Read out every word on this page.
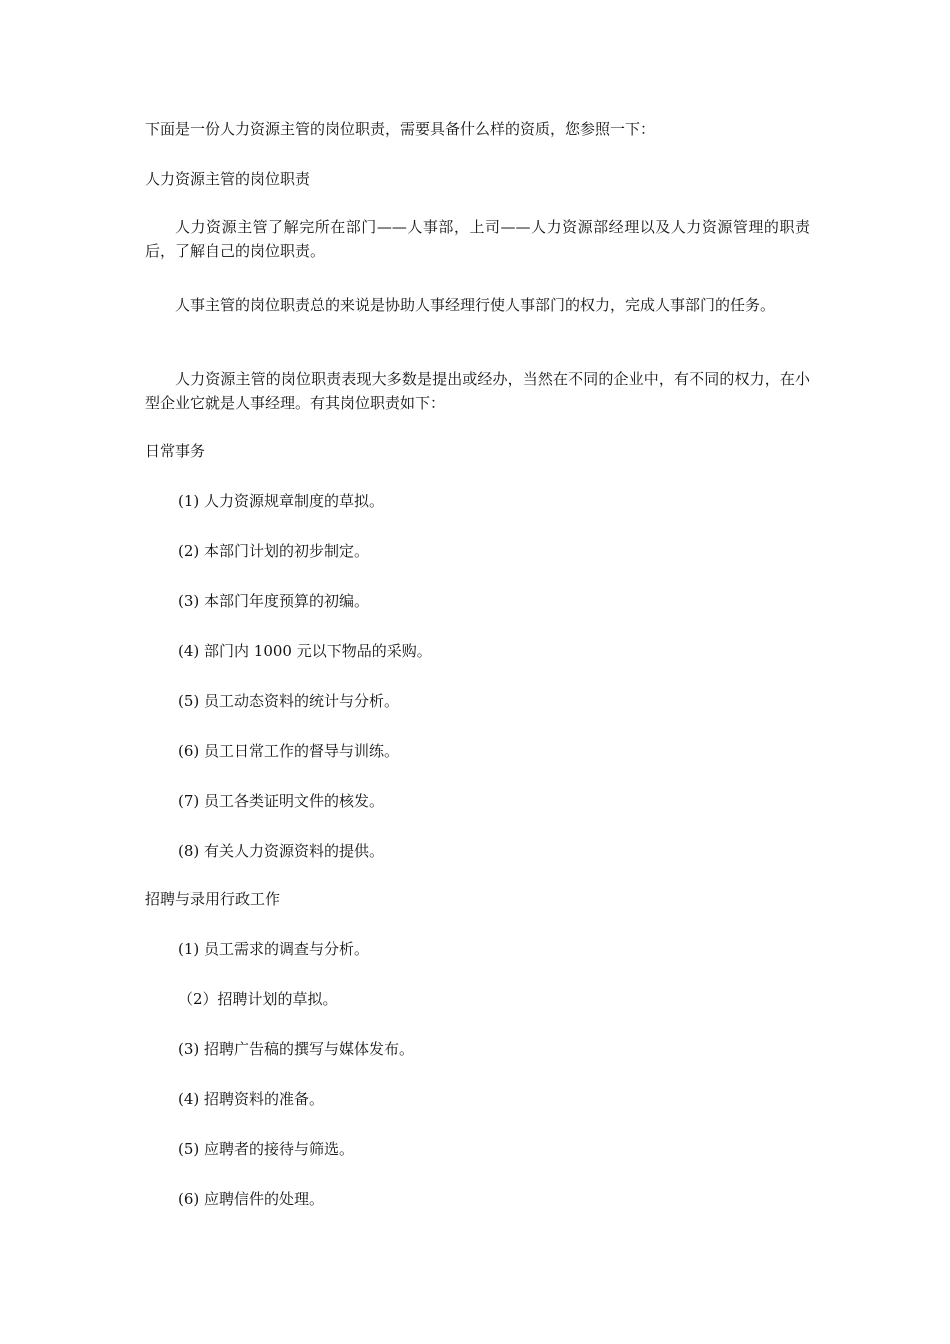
下面是一份人力资源主管的岗位职责，需要具备什么样的资质，您参照一下：

人力资源主管的岗位职责

人力资源主管了解完所在部门——人事部，上司——人力资源部经理以及人力资源管理的职责后，了解自己的岗位职责。

人事主管的岗位职责总的来说是协助人事经理行使人事部门的权力，完成人事部门的任务。

人力资源主管的岗位职责表现大多数是提出或经办，当然在不同的企业中，有不同的权力，在小型企业它就是人事经理。有其岗位职责如下：

日常事务

(1) 人力资源规章制度的草拟。

(2) 本部门计划的初步制定。

(3) 本部门年度预算的初编。

(4) 部门内 1000 元以下物品的采购。

(5) 员工动态资料的统计与分析。

(6) 员工日常工作的督导与训练。

(7) 员工各类证明文件的核发。

(8) 有关人力资源资料的提供。

招聘与录用行政工作

(1) 员工需求的调查与分析。

（2）招聘计划的草拟。

(3) 招聘广告稿的撰写与媒体发布。

(4) 招聘资料的准备。

(5) 应聘者的接待与筛选。

(6) 应聘信件的处理。
